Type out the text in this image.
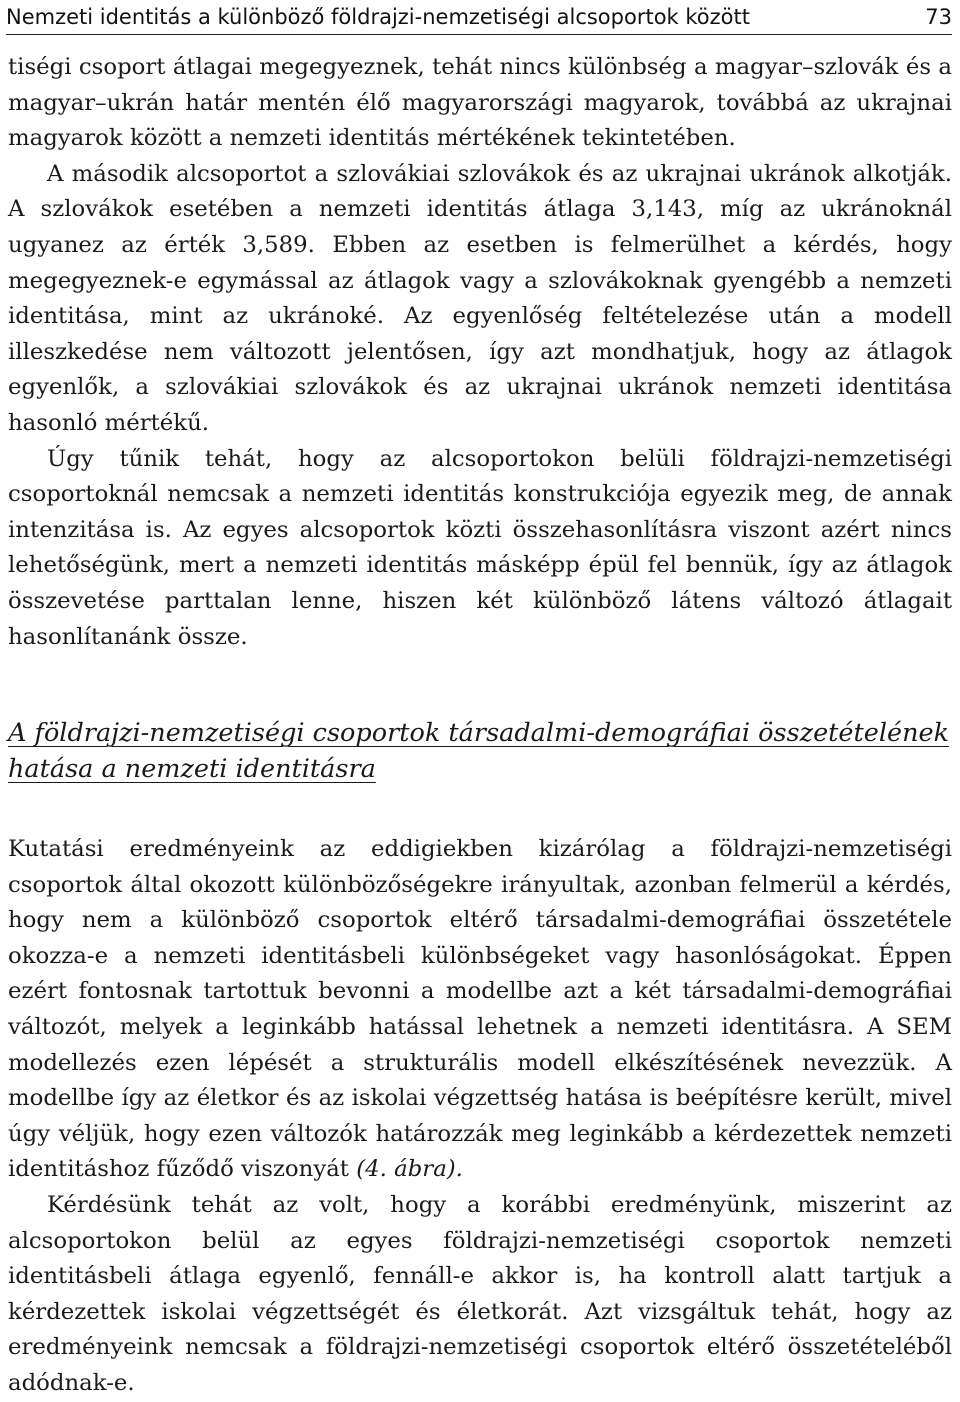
Nemzeti identitás a különböző földrajzi-nemzetiségi alcsoportok között	73

tiségi csoport átlagai megegyeznek, tehát nincs különbség a magyar–szlovák és a magyar–ukrán határ mentén élő magyarországi magyarok, továbbá az ukrajnai magyarok között a nemzeti identitás mértékének tekintetében.

A második alcsoportot a szlovákiai szlovákok és az ukrajnai ukránok alkotják. A szlovákok esetében a nemzeti identitás átlaga 3,143, míg az ukránoknál ugyanez az érték 3,589. Ebben az esetben is felmerülhet a kérdés, hogy megegyeznek-e egymással az átlagok vagy a szlovákoknak gyengébb a nemzeti identitása, mint az ukránoké. Az egyenlőség feltételezése után a modell illeszkedése nem változott jelentősen, így azt mondhatjuk, hogy az átlagok egyenlők, a szlovákiai szlovákok és az ukrajnai ukránok nemzeti identitása hasonló mértékű.

Úgy tűnik tehát, hogy az alcsoportokon belüli földrajzi-nemzetiségi csoportoknál nemcsak a nemzeti identitás konstrukciója egyezik meg, de annak intenzitása is. Az egyes alcsoportok közti összehasonlításra viszont azért nincs lehetőségünk, mert a nemzeti identitás másképp épül fel bennük, így az átlagok összevetése parttalan lenne, hiszen két különböző látens változó átlagait hasonlítanánk össze.

A földrajzi-nemzetiségi csoportok társadalmi-demográfiai összetételének hatása a nemzeti identitásra

Kutatási eredményeink az eddigiekben kizárólag a földrajzi-nemzetiségi csoportok által okozott különbözőségekre irányultak, azonban felmerül a kérdés, hogy nem a különböző csoportok eltérő társadalmi-demográfiai összetétele okozza-e a nemzeti identitásbeli különbségeket vagy hasonlóságokat. Éppen ezért fontosnak tartottuk bevonni a modellbe azt a két társadalmi-demográfiai változót, melyek a leginkább hatással lehetnek a nemzeti identitásra. A SEM modellezés ezen lépését a strukturális modell elkészítésének nevezzük. A modellbe így az életkor és az iskolai végzettség hatása is beépítésre került, mivel úgy véljük, hogy ezen változók határozzák meg leginkább a kérdezettek nemzeti identitáshoz fűződő viszonyát (4. ábra).

Kérdésünk tehát az volt, hogy a korábbi eredményünk, miszerint az alcsoportokon belül az egyes földrajzi-nemzetiségi csoportok nemzeti identitásbeli átlaga egyenlő, fennáll-e akkor is, ha kontroll alatt tartjuk a kérdezettek iskolai végzettségét és életkorát. Azt vizsgáltuk tehát, hogy az eredményeink nemcsak a földrajzi-nemzetiségi csoportok eltérő összetételéből adódnak-e.
